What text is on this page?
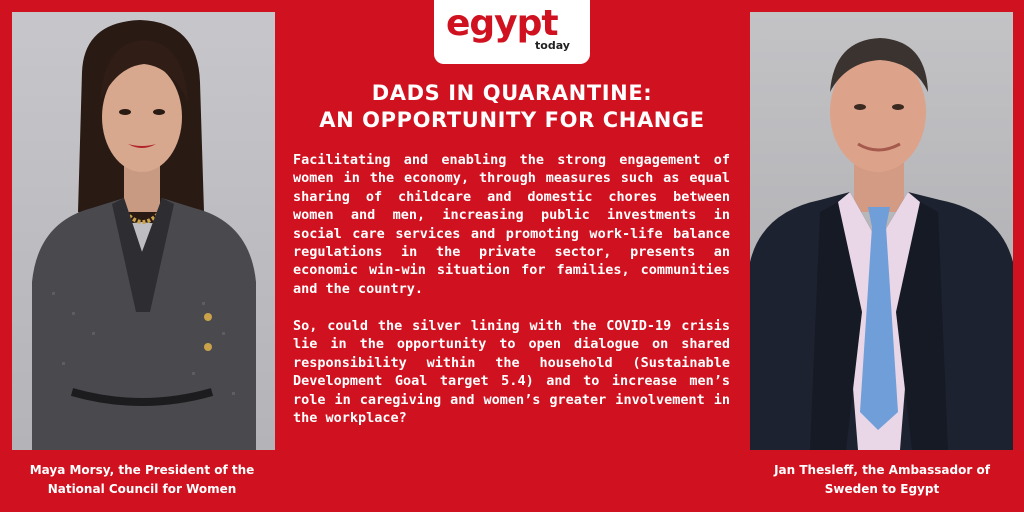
egypt
today
DADS IN QUARANTINE:
AN OPPORTUNITY FOR CHANGE

Facilitating and enabling the strong engagement of women in the economy, through measures such as equal sharing of childcare and domestic chores between women and men, increasing public investments in social care services and promoting work-life balance regulations in the private sector, presents an economic win-win situation for families, communities and the country.

So, could the silver lining with the COVID-19 crisis lie in the opportunity to open dialogue on shared responsibility within the household (Sustainable Development Goal target 5.4) and to increase men’s role in caregiving and women’s greater involvement in the workplace?

Maya Morsy, the President of the
National Council for Women
Jan Thesleff, the Ambassador of
Sweden to Egypt
